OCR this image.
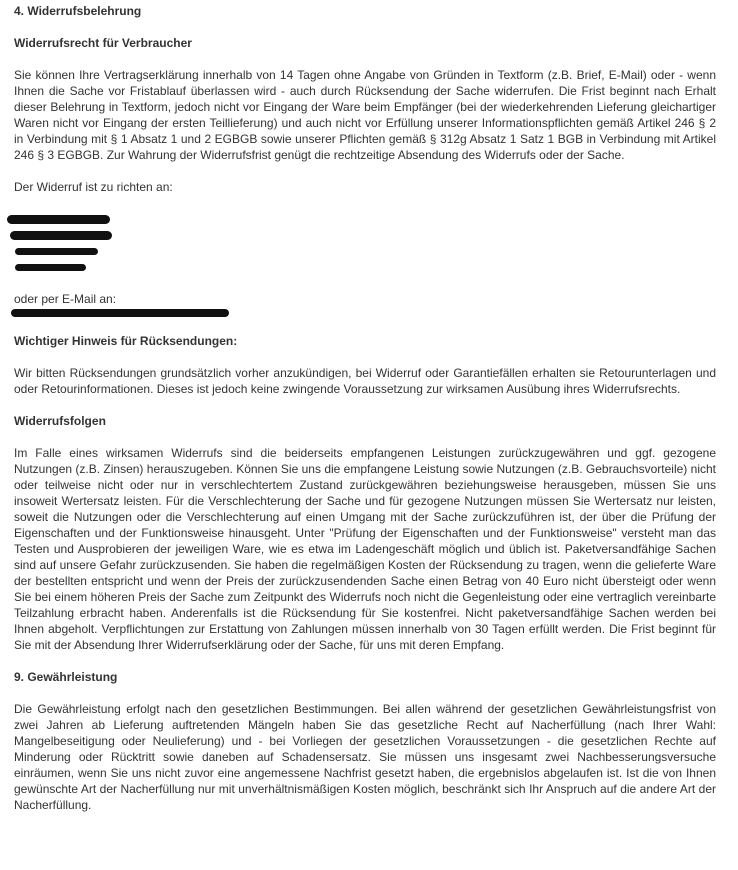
4. Widerrufsbelehrung
Widerrufsrecht für Verbraucher

Sie können Ihre Vertragserklärung innerhalb von 14 Tagen ohne Angabe von Gründen in Textform (z.B. Brief, E-Mail) oder - wenn Ihnen die Sache vor Fristablauf überlassen wird - auch durch Rücksendung der Sache widerrufen. Die Frist beginnt nach Erhalt dieser Belehrung in Textform, jedoch nicht vor Eingang der Ware beim Empfänger (bei der wiederkehrenden Lieferung gleichartiger Waren nicht vor Eingang der ersten Teillieferung) und auch nicht vor Erfüllung unserer Informationspflichten gemäß Artikel 246 § 2 in Verbindung mit § 1 Absatz 1 und 2 EGBGB sowie unserer Pflichten gemäß § 312g Absatz 1 Satz 1 BGB in Verbindung mit Artikel 246 § 3 EGBGB. Zur Wahrung der Widerrufsfrist genügt die rechtzeitige Absendung des Widerrufs oder der Sache.

Der Widerruf ist zu richten an:

oder per E-Mail an:

Wichtiger Hinweis für Rücksendungen:

Wir bitten Rücksendungen grundsätzlich vorher anzukündigen, bei Widerruf oder Garantiefällen erhalten sie Retourunterlagen und oder Retourinformationen. Dieses ist jedoch keine zwingende Voraussetzung zur wirksamen Ausübung ihres Widerrufsrechts.

Widerrufsfolgen

Im Falle eines wirksamen Widerrufs sind die beiderseits empfangenen Leistungen zurückzugewähren und ggf. gezogene Nutzungen (z.B. Zinsen) herauszugeben. Können Sie uns die empfangene Leistung sowie Nutzungen (z.B. Gebrauchsvorteile) nicht oder teilweise nicht oder nur in verschlechtertem Zustand zurückgewähren beziehungsweise herausgeben, müssen Sie uns insoweit Wertersatz leisten. Für die Verschlechterung der Sache und für gezogene Nutzungen müssen Sie Wertersatz nur leisten, soweit die Nutzungen oder die Verschlechterung auf einen Umgang mit der Sache zurückzuführen ist, der über die Prüfung der Eigenschaften und der Funktionsweise hinausgeht. Unter "Prüfung der Eigenschaften und der Funktionsweise" versteht man das Testen und Ausprobieren der jeweiligen Ware, wie es etwa im Ladengeschäft möglich und üblich ist. Paketversandfähige Sachen sind auf unsere Gefahr zurückzusenden. Sie haben die regelmäßigen Kosten der Rücksendung zu tragen, wenn die gelieferte Ware der bestellten entspricht und wenn der Preis der zurückzusendenden Sache einen Betrag von 40 Euro nicht übersteigt oder wenn Sie bei einem höheren Preis der Sache zum Zeitpunkt des Widerrufs noch nicht die Gegenleistung oder eine vertraglich vereinbarte Teilzahlung erbracht haben. Anderenfalls ist die Rücksendung für Sie kostenfrei. Nicht paketversandfähige Sachen werden bei Ihnen abgeholt. Verpflichtungen zur Erstattung von Zahlungen müssen innerhalb von 30 Tagen erfüllt werden. Die Frist beginnt für Sie mit der Absendung Ihrer Widerrufserklärung oder der Sache, für uns mit deren Empfang.

9. Gewährleistung

Die Gewährleistung erfolgt nach den gesetzlichen Bestimmungen. Bei allen während der gesetzlichen Gewährleistungsfrist von zwei Jahren ab Lieferung auftretenden Mängeln haben Sie das gesetzliche Recht auf Nacherfüllung (nach Ihrer Wahl: Mangelbeseitigung oder Neulieferung) und - bei Vorliegen der gesetzlichen Voraussetzungen - die gesetzlichen Rechte auf Minderung oder Rücktritt sowie daneben auf Schadensersatz. Sie müssen uns insgesamt zwei Nachbesserungsversuche einräumen, wenn Sie uns nicht zuvor eine angemessene Nachfrist gesetzt haben, die ergebnislos abgelaufen ist. Ist die von Ihnen gewünschte Art der Nacherfüllung nur mit unverhältnismäßigen Kosten möglich, beschränkt sich Ihr Anspruch auf die andere Art der Nacherfüllung.
